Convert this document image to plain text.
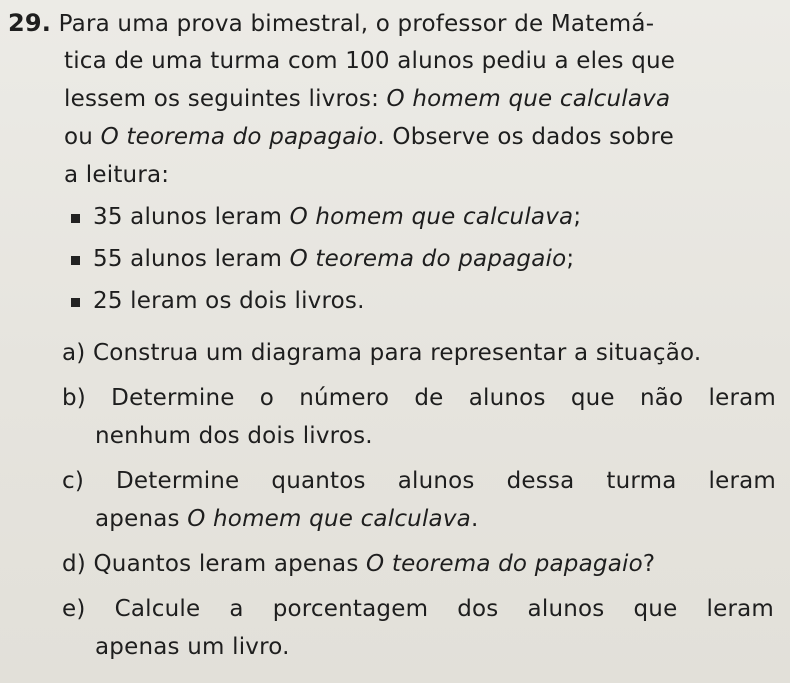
29. Para uma prova bimestral, o professor de Matemá-
tica de uma turma com 100 alunos pediu a eles que
lessem os seguintes livros: O homem que calculava
ou O teorema do papagaio. Observe os dados sobre
a leitura:
35 alunos leram O homem que calculava;
55 alunos leram O teorema do papagaio;
25 leram os dois livros.
a) Construa um diagrama para representar a situação.
b) Determine o número de alunos que não leram
nenhum dos dois livros.
c) Determine quantos alunos dessa turma leram
apenas O homem que calculava.
d) Quantos leram apenas O teorema do papagaio?
e) Calcule a porcentagem dos alunos que leram
apenas um livro.
